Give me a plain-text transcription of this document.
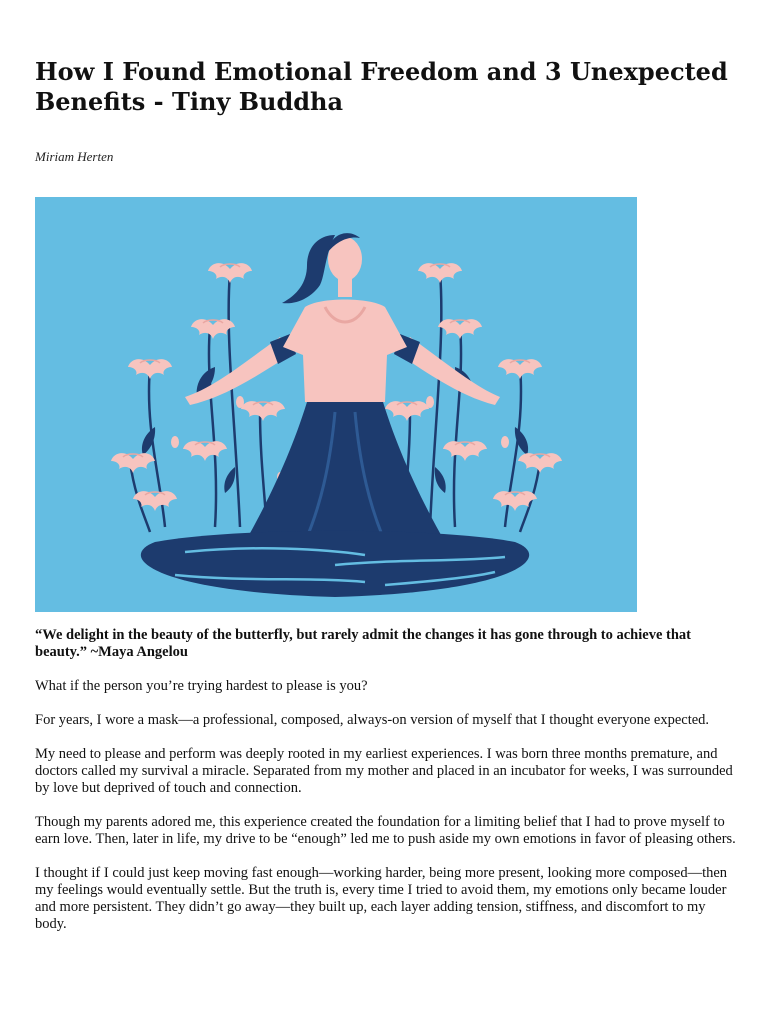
How I Found Emotional Freedom and 3 Unexpected Benefits - Tiny Buddha
Miriam Herten

“We delight in the beauty of the butterfly, but rarely admit the changes it has gone through to achieve that beauty.” ~Maya Angelou

What if the person you’re trying hardest to please is you?

For years, I wore a mask—a professional, composed, always-on version of myself that I thought everyone expected.

My need to please and perform was deeply rooted in my earliest experiences. I was born three months premature, and doctors called my survival a miracle. Separated from my mother and placed in an incubator for weeks, I was surrounded by love but deprived of touch and connection.

Though my parents adored me, this experience created the foundation for a limiting belief that I had to prove myself to earn love. Then, later in life, my drive to be “enough” led me to push aside my own emotions in favor of pleasing others.

I thought if I could just keep moving fast enough—working harder, being more present, looking more composed—then my feelings would eventually settle. But the truth is, every time I tried to avoid them, my emotions only became louder and more persistent. They didn’t go away—they built up, each layer adding tension, stiffness, and discomfort to my body.
